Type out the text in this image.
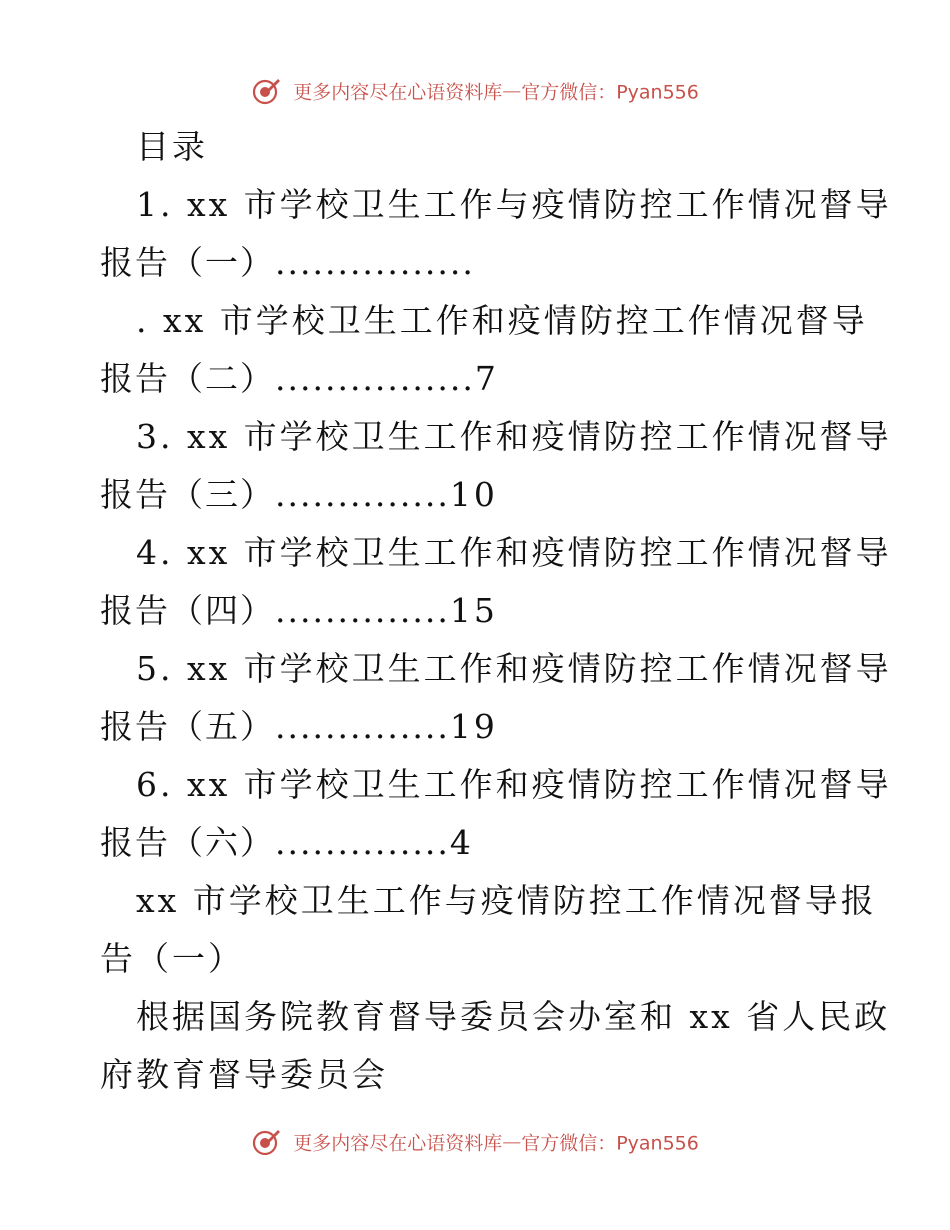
更多内容尽在心语资料库—官方微信：Pyan556
目录
1. xx 市学校卫生工作与疫情防控工作情况督导
报告（一）................
. xx 市学校卫生工作和疫情防控工作情况督导
报告（二）................7
3. xx 市学校卫生工作和疫情防控工作情况督导
报告（三）..............10
4. xx 市学校卫生工作和疫情防控工作情况督导
报告（四）..............15
5. xx 市学校卫生工作和疫情防控工作情况督导
报告（五）..............19
6. xx 市学校卫生工作和疫情防控工作情况督导
报告（六）..............4
xx 市学校卫生工作与疫情防控工作情况督导报
告（一）
根据国务院教育督导委员会办室和 xx 省人民政
府教育督导委员会
更多内容尽在心语资料库—官方微信：Pyan556
